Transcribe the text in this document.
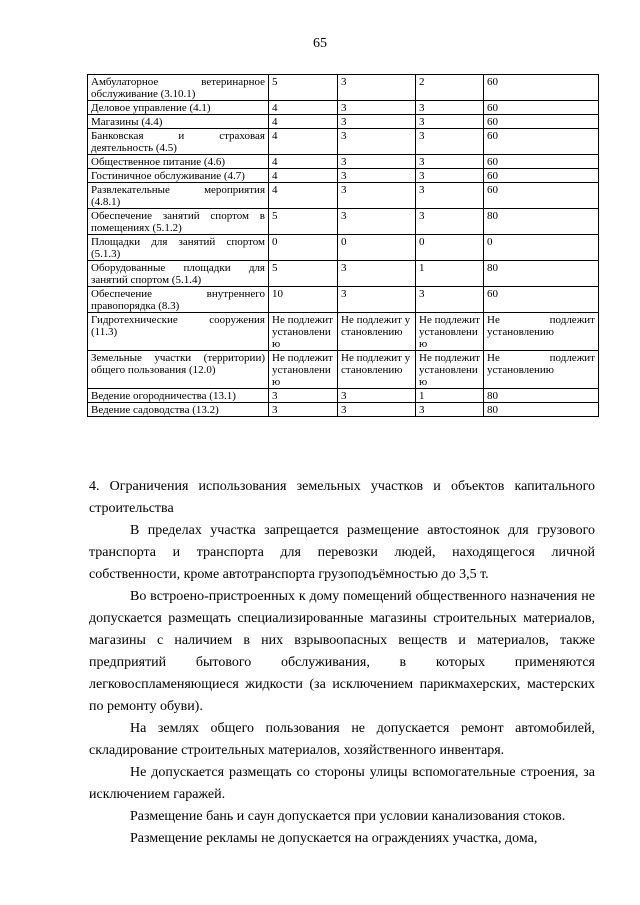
65
Амбулаторное ветеринарное обслуживание (3.10.1)	5	3	2	60
Деловое управление (4.1)	4	3	3	60
Магазины (4.4)	4	3	3	60
Банковская и страховая деятельность (4.5)	4	3	3	60
Общественное питание (4.6)	4	3	3	60
Гостиничное обслуживание (4.7)	4	3	3	60
Развлекательные мероприятия (4.8.1)	4	3	3	60
Обеспечение занятий спортом в помещениях (5.1.2)	5	3	3	80
Площадки для занятий спортом (5.1.3)	0	0	0	0
Оборудованные площадки для занятий спортом (5.1.4)	5	3	1	80
Обеспечение внутреннего правопорядка (8.3)	10	3	3	60
Гидротехнические сооружения (11.3)	Не подлежит установлению	Не подлежит установлению	Не подлежит установлению	Не подлежит установлению
Земельные участки (территории) общего пользования (12.0)	Не подлежит установлению	Не подлежит установлению	Не подлежит установлению	Не подлежит установлению
Ведение огородничества (13.1)	3	3	1	80
Ведение садоводства (13.2)	3	3	3	80

4. Ограничения использования земельных участков и объектов капитального строительства

В пределах участка запрещается размещение автостоянок для грузового транспорта и транспорта для перевозки людей, находящегося личной собственности, кроме автотранспорта грузоподъёмностью до 3,5 т.

Во встроено-пристроенных к дому помещений общественного назначения не допускается размещать специализированные магазины строительных материалов, магазины с наличием в них взрывоопасных веществ и материалов, также предприятий бытового обслуживания, в которых применяются легковоспламеняющиеся жидкости (за исключением парикмахерских, мастерских по ремонту обуви).

На землях общего пользования не допускается ремонт автомобилей, складирование строительных материалов, хозяйственного инвентаря.

Не допускается размещать со стороны улицы вспомогательные строения, за исключением гаражей.

Размещение бань и саун допускается при условии канализования стоков.

Размещение рекламы не допускается на ограждениях участка, дома,
